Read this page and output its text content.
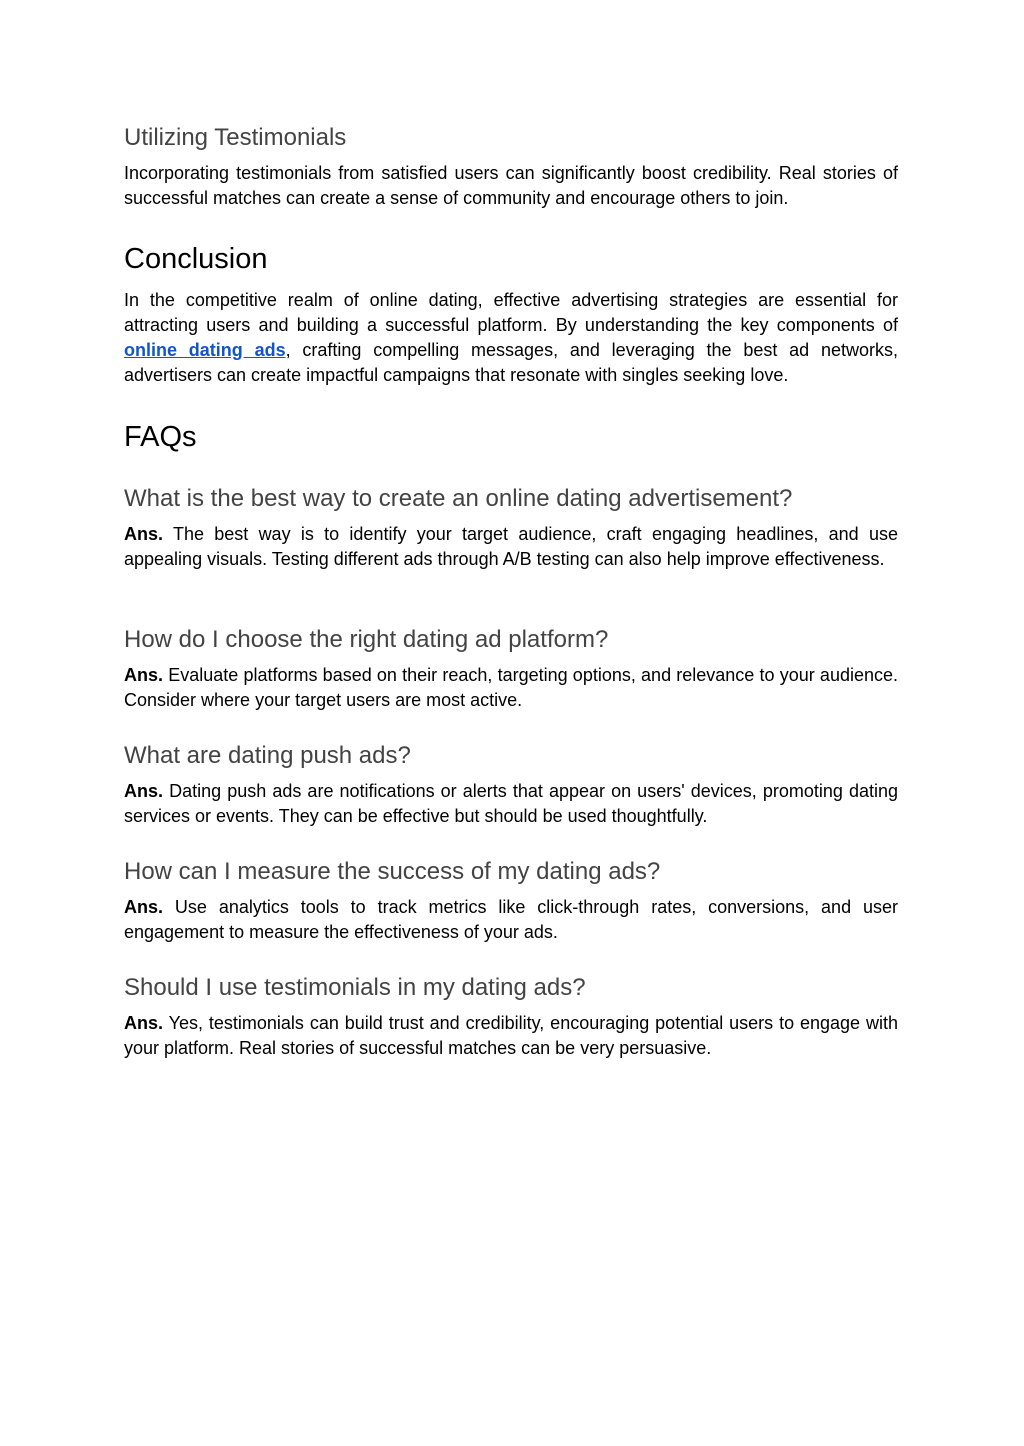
Utilizing Testimonials

Incorporating testimonials from satisfied users can significantly boost credibility. Real stories of successful matches can create a sense of community and encourage others to join.

Conclusion

In the competitive realm of online dating, effective advertising strategies are essential for attracting users and building a successful platform. By understanding the key components of online dating ads, crafting compelling messages, and leveraging the best ad networks, advertisers can create impactful campaigns that resonate with singles seeking love.

FAQs
What is the best way to create an online dating advertisement?

Ans. The best way is to identify your target audience, craft engaging headlines, and use appealing visuals. Testing different ads through A/B testing can also help improve effectiveness.

How do I choose the right dating ad platform?

Ans. Evaluate platforms based on their reach, targeting options, and relevance to your audience. Consider where your target users are most active.

What are dating push ads?

Ans. Dating push ads are notifications or alerts that appear on users' devices, promoting dating services or events. They can be effective but should be used thoughtfully.

How can I measure the success of my dating ads?

Ans. Use analytics tools to track metrics like click-through rates, conversions, and user engagement to measure the effectiveness of your ads.

Should I use testimonials in my dating ads?

Ans. Yes, testimonials can build trust and credibility, encouraging potential users to engage with your platform. Real stories of successful matches can be very persuasive.
